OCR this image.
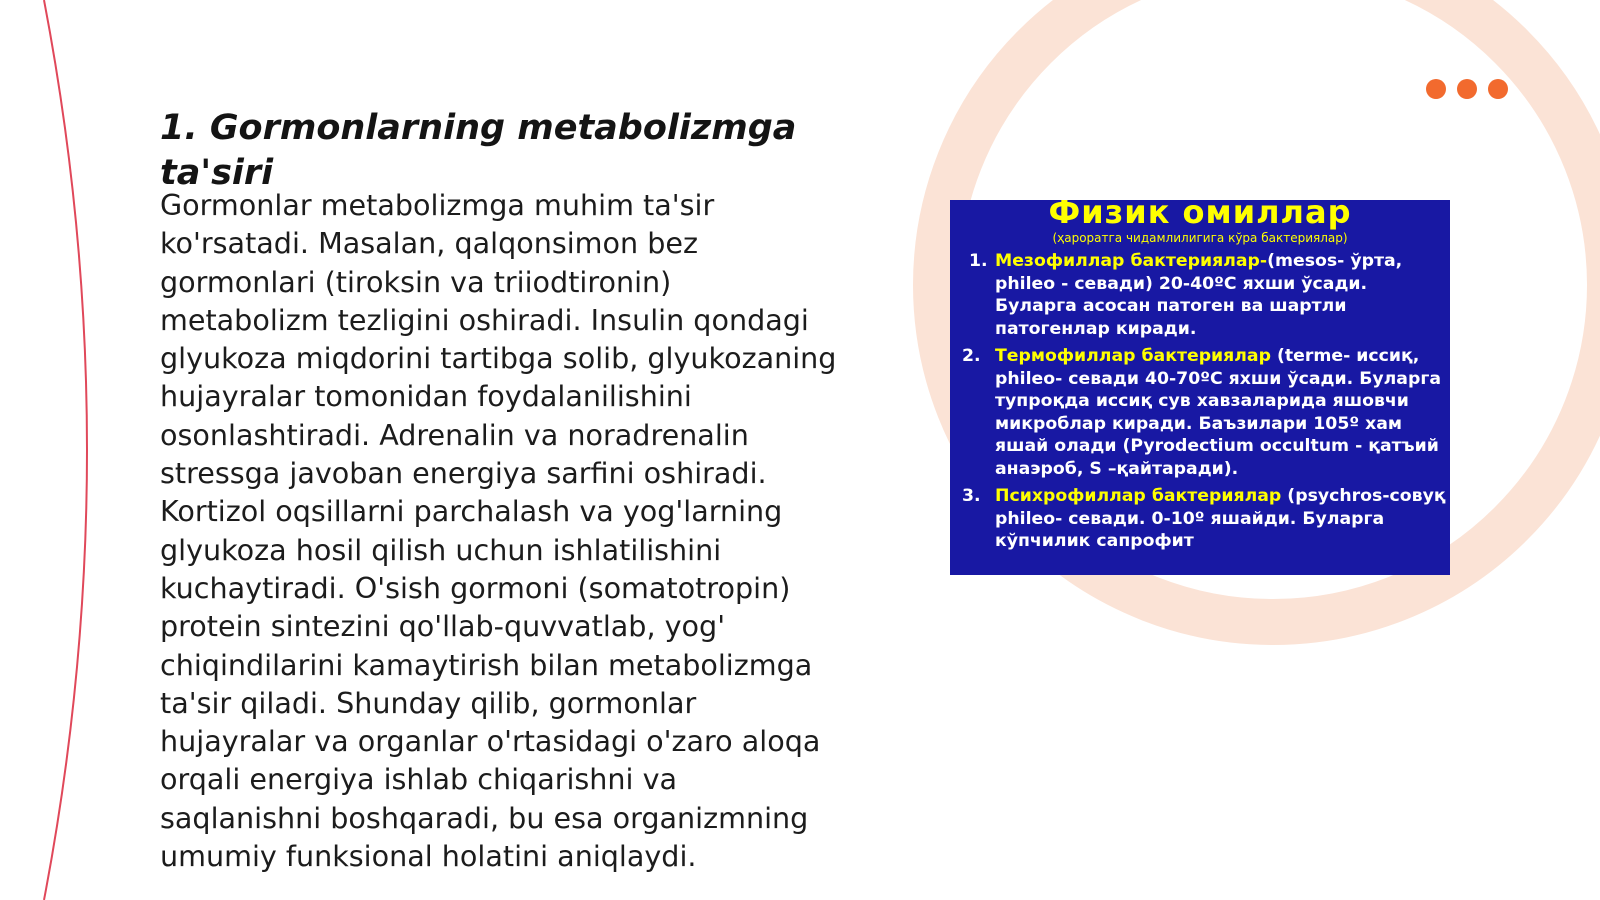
1. Gormonlarning metabolizmga ta'siri

Gormonlar metabolizmga muhim ta'sir ko'rsatadi. Masalan, qalqonsimon bez gormonlari (tiroksin va triiodtironin) metabolizm tezligini oshiradi. Insulin qondagi glyukoza miqdorini tartibga solib, glyukozaning hujayralar tomonidan foydalanilishini osonlashtiradi. Adrenalin va noradrenalin stressga javoban energiya sarfini oshiradi. Kortizol oqsillarni parchalash va yog'larning glyukoza hosil qilish uchun ishlatilishini kuchaytiradi. O'sish gormoni (somatotropin) protein sintezini qo'llab-quvvatlab, yog' chiqindilarini kamaytirish bilan metabolizmga ta'sir qiladi. Shunday qilib, gormonlar hujayralar va organlar o'rtasidagi o'zaro aloqa orqali energiya ishlab chiqarishni va saqlanishni boshqaradi, bu esa organizmning umumiy funksional holatini aniqlaydi.

Физик омиллар
(ҳароратга чидамлилигига кўра бактериялар)
1. Мезофиллар бактериялар-(mesos- ўрта, phileo - севади) 20-40ºС яхши ўсади. Буларга асосан патоген ва шартли патогенлар киради.
2. Термофиллар бактериялар (terme- иссиқ, phileo- севади 40-70ºС яхши ўсади. Буларга тупроқда иссиқ сув хавзаларида яшовчи микроблар киради. Баъзилари 105º хам яшай олади (Pyrodectium occultum - қатъий анаэроб, S –қайтаради).
3. Психрофиллар бактериялар (psychros-совуқ phileo- севади. 0-10º яшайди. Буларга кўпчилик сапрофит
